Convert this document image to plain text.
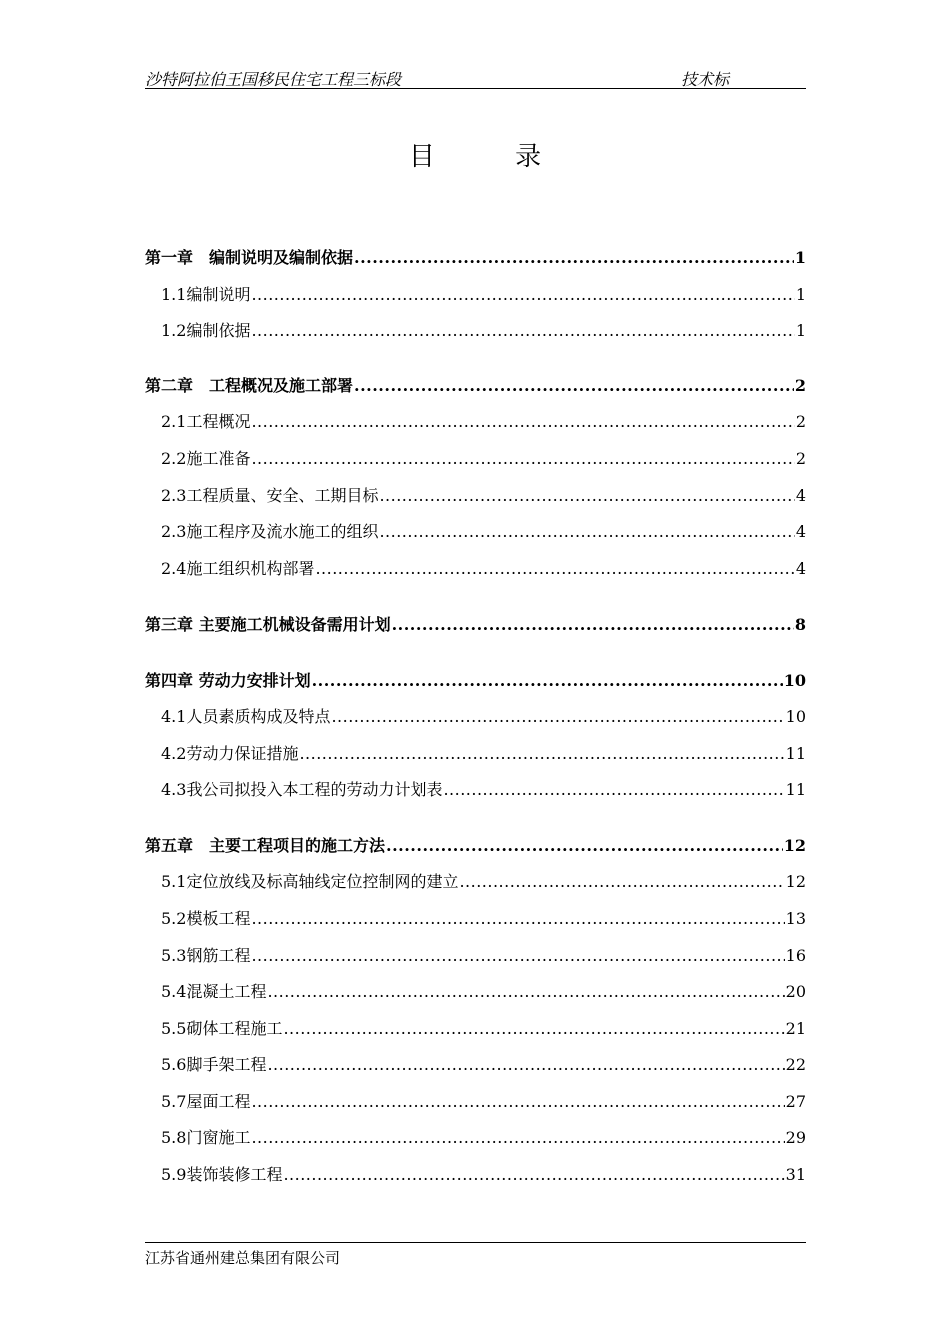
沙特阿拉伯王国移民住宅工程三标段	技术标
目 录
第一章　编制说明及编制依据 .....	1
1.1编制说明 .....	1
1.2编制依据 .....	1
第二章　工程概况及施工部署 .....	2
2.1工程概况 .....	2
2.2施工准备 .....	2
2.3工程质量、安全、工期目标 .....	4
2.3施工程序及流水施工的组织 .....	4
2.4施工组织机构部署 .....	4
第三章 主要施工机械设备需用计划 .....	8
第四章 劳动力安排计划 .....	10
4.1人员素质构成及特点 .....	10
4.2劳动力保证措施 .....	11
4.3我公司拟投入本工程的劳动力计划表 .....	11
第五章　主要工程项目的施工方法 .....	12
5.1定位放线及标高轴线定位控制网的建立 .....	12
5.2模板工程 .....	13
5.3钢筋工程 .....	16
5.4混凝土工程 .....	20
5.5砌体工程施工 .....	21
5.6脚手架工程 .....	22
5.7屋面工程 .....	27
5.8门窗施工 .....	29
5.9装饰装修工程 .....	31
江苏省通州建总集团有限公司
